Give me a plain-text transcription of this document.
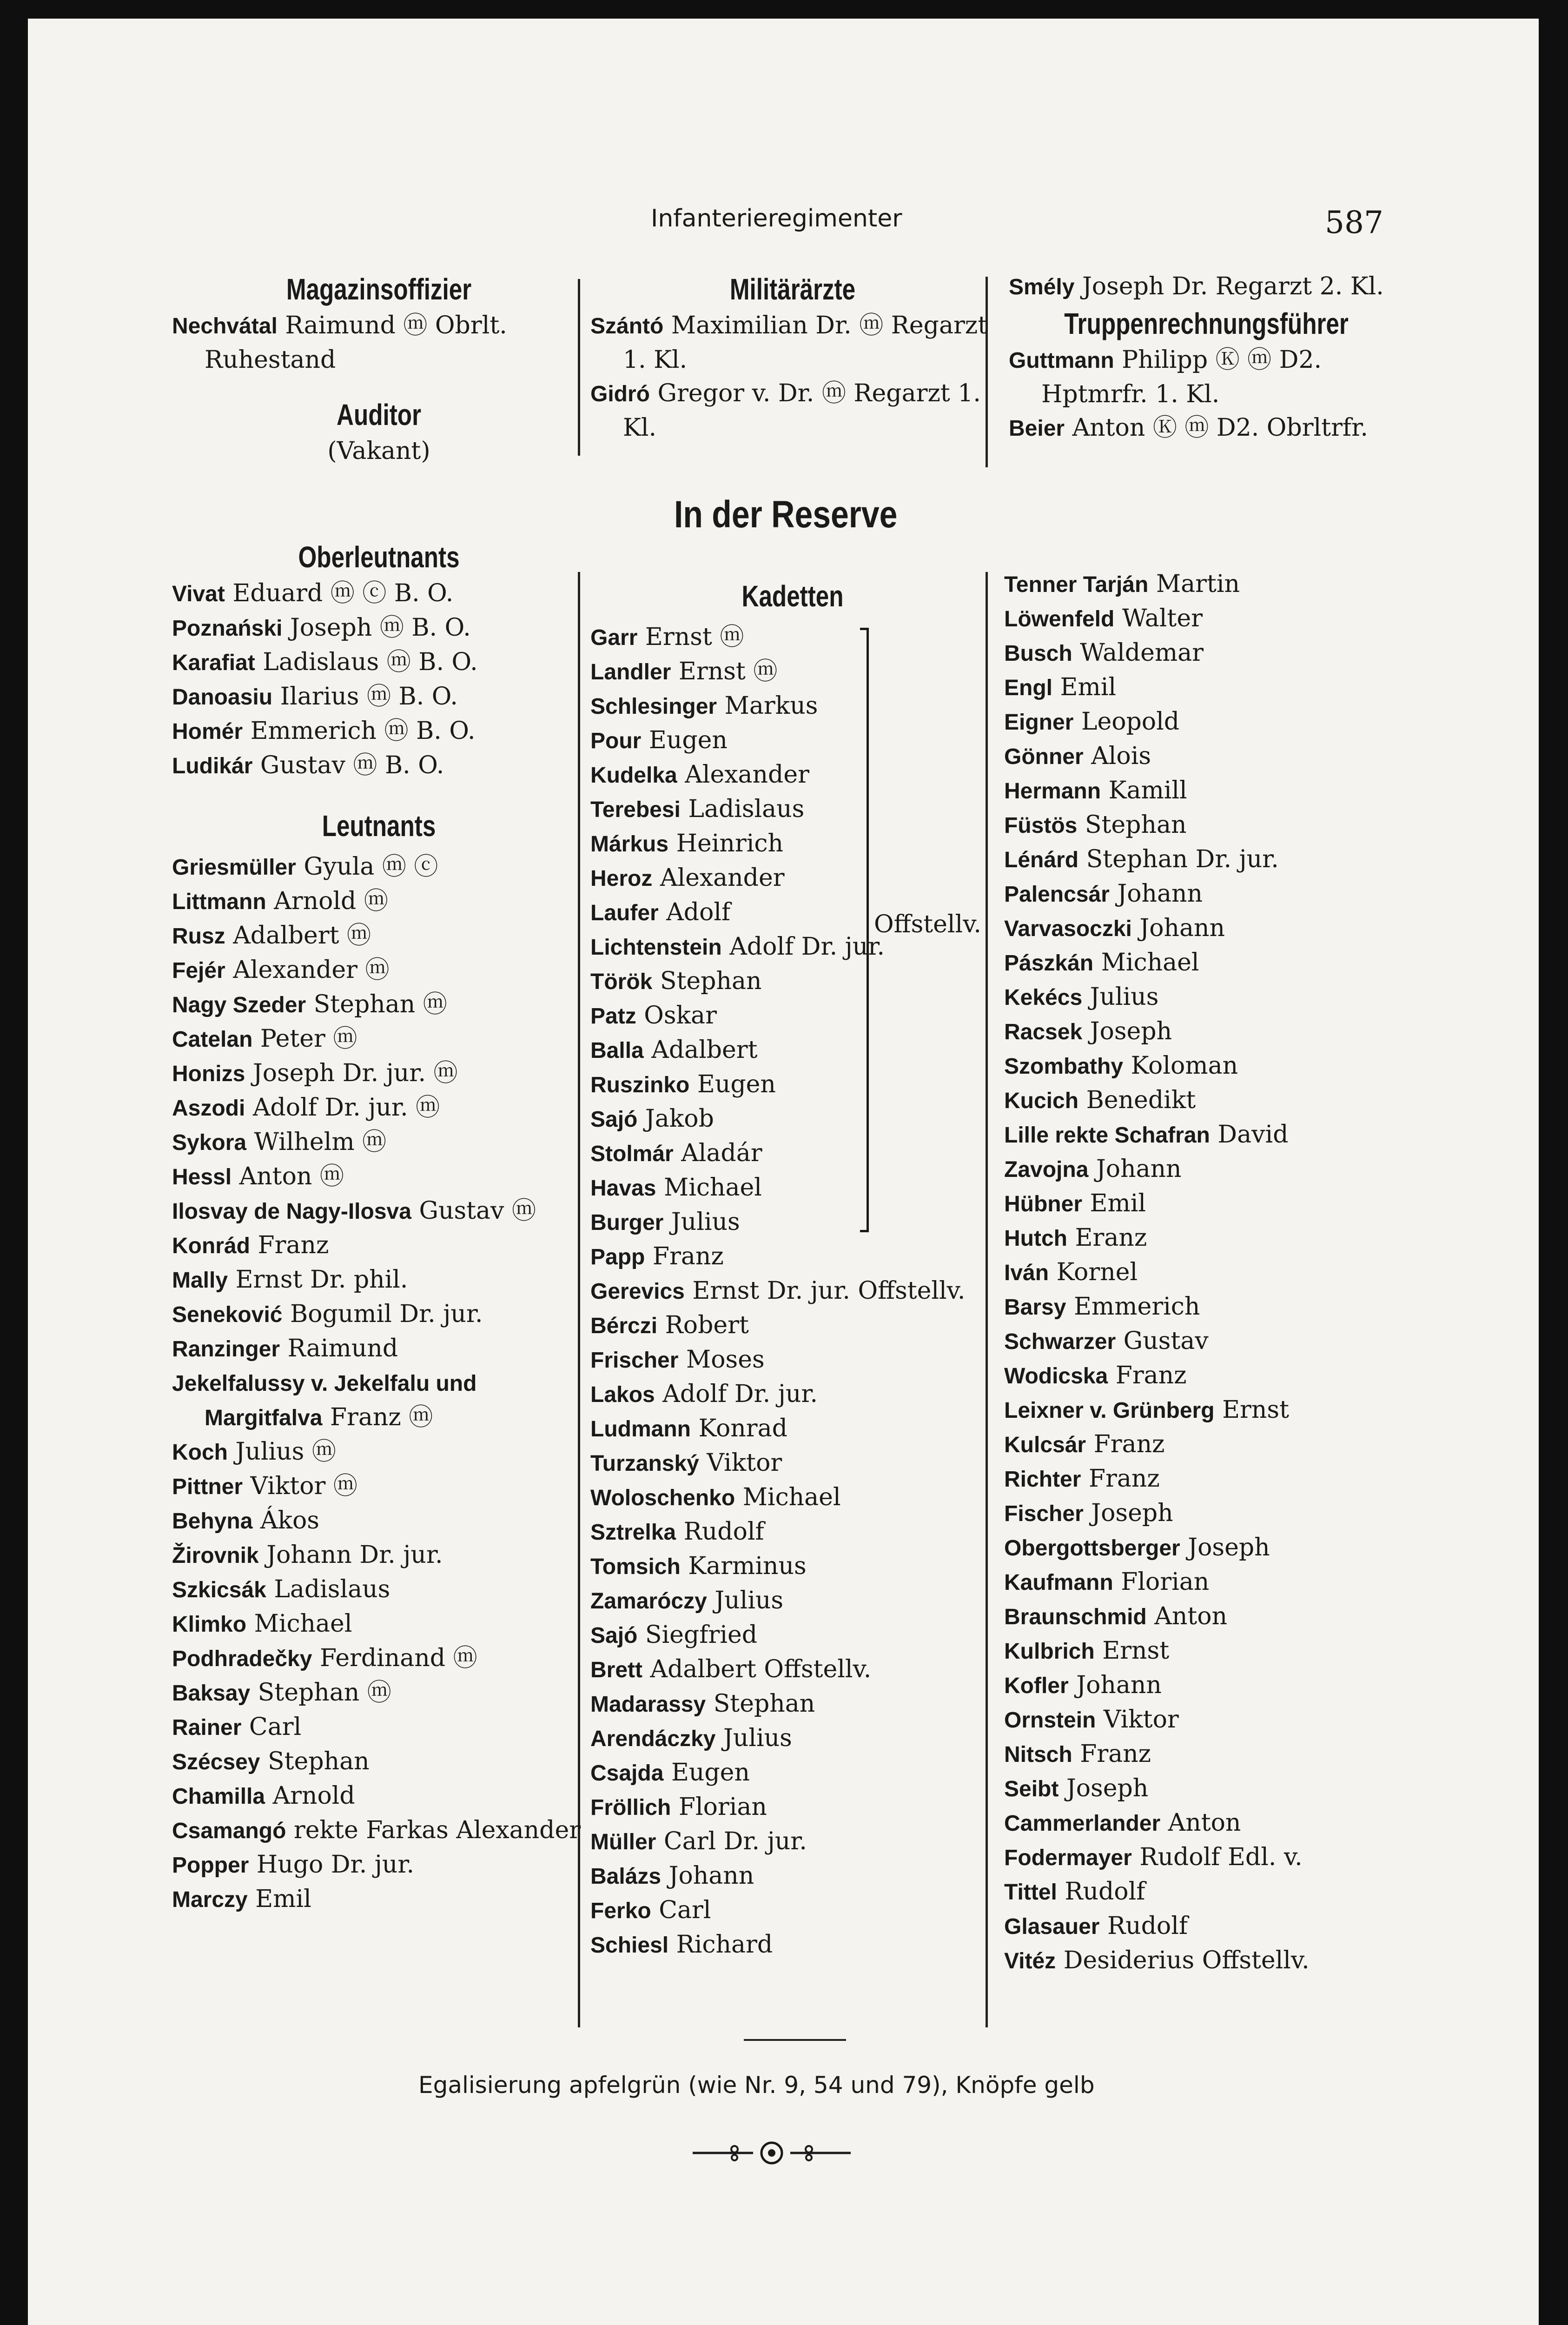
Infanterieregimenter	587
Magazinsoffizier

Nechvátal Raimund ⓜ Obrlt. Ruhestand

Auditor

(Vakant)

Oberleutnants

Vivat Eduard ⓜ ⓒ B. O.

Poznański Joseph ⓜ B. O.

Karafiat Ladislaus ⓜ B. O.

Danoasiu Ilarius ⓜ B. O.

Homér Emmerich ⓜ B. O.

Ludikár Gustav ⓜ B. O.

Leutnants

Griesmüller Gyula ⓜ ⓒ

Littmann Arnold ⓜ

Rusz Adalbert ⓜ

Fejér Alexander ⓜ

Nagy Szeder Stephan ⓜ

Catelan Peter ⓜ

Honizs Joseph Dr. jur. ⓜ

Aszodi Adolf Dr. jur. ⓜ

Sykora Wilhelm ⓜ

Hessl Anton ⓜ

Ilosvay de Nagy-Ilosva Gustav ⓜ

Konrád Franz

Mally Ernst Dr. phil.

Seneković Bogumil Dr. jur.

Ranzinger Raimund

Jekelfalussy v. Jekelfalu und Margitfalva Franz ⓜ

Koch Julius ⓜ

Pittner Viktor ⓜ

Behyna Ákos

Žirovnik Johann Dr. jur.

Szkicsák Ladislaus

Klimko Michael

Podhradečky Ferdinand ⓜ

Baksay Stephan ⓜ

Rainer Carl

Szécsey Stephan

Chamilla Arnold

Csamangó rekte Farkas Alexander

Popper Hugo Dr. jur.

Marczy Emil

Militärärzte

Szántó Maximilian Dr. ⓜ Regarzt 1. Kl.

Gidró Gregor v. Dr. ⓜ Regarzt 1. Kl.

In der Reserve
Kadetten

Garr Ernst ⓜ

Landler Ernst ⓜ

Schlesinger Markus

Pour Eugen

Kudelka Alexander

Terebesi Ladislaus

Márkus Heinrich

Heroz Alexander

Laufer Adolf

Lichtenstein Adolf Dr. jur.

Török Stephan

Patz Oskar

Balla Adalbert

Ruszinko Eugen

Sajó Jakob

Stolmár Aladár

Havas Michael

Burger Julius

Papp Franz

Gerevics Ernst Dr. jur. Offstellv.

Bérczi Robert

Frischer Moses

Lakos Adolf Dr. jur.

Ludmann Konrad

Turzanský Viktor

Woloschenko Michael

Sztrelka Rudolf

Tomsich Karminus

Zamaróczy Julius

Sajó Siegfried

Brett Adalbert Offstellv.

Madarassy Stephan

Arendáczky Julius

Csajda Eugen

Fröllich Florian

Müller Carl Dr. jur.

Balázs Johann

Ferko Carl

Schiesl Richard

Offstellv.

Smély Joseph Dr. Regarzt 2. Kl.

Truppenrechnungsführer

Guttmann Philipp Ⓚ ⓜ D2. Hptmrfr. 1. Kl.

Beier Anton Ⓚ ⓜ D2. Obrltrfr.

Tenner Tarján Martin

Löwenfeld Walter

Busch Waldemar

Engl Emil

Eigner Leopold

Gönner Alois

Hermann Kamill

Füstös Stephan

Lénárd Stephan Dr. jur.

Palencsár Johann

Varvasoczki Johann

Pászkán Michael

Kekécs Julius

Racsek Joseph

Szombathy Koloman

Kucich Benedikt

Lille rekte Schafran David

Zavojna Johann

Hübner Emil

Hutch Eranz

Iván Kornel

Barsy Emmerich

Schwarzer Gustav

Wodicska Franz

Leixner v. Grünberg Ernst

Kulcsár Franz

Richter Franz

Fischer Joseph

Obergottsberger Joseph

Kaufmann Florian

Braunschmid Anton

Kulbrich Ernst

Kofler Johann

Ornstein Viktor

Nitsch Franz

Seibt Joseph

Cammerlander Anton

Fodermayer Rudolf Edl. v.

Tittel Rudolf

Glasauer Rudolf

Vitéz Desiderius Offstellv.

Egalisierung apfelgrün (wie Nr. 9, 54 und 79), Knöpfe gelb
